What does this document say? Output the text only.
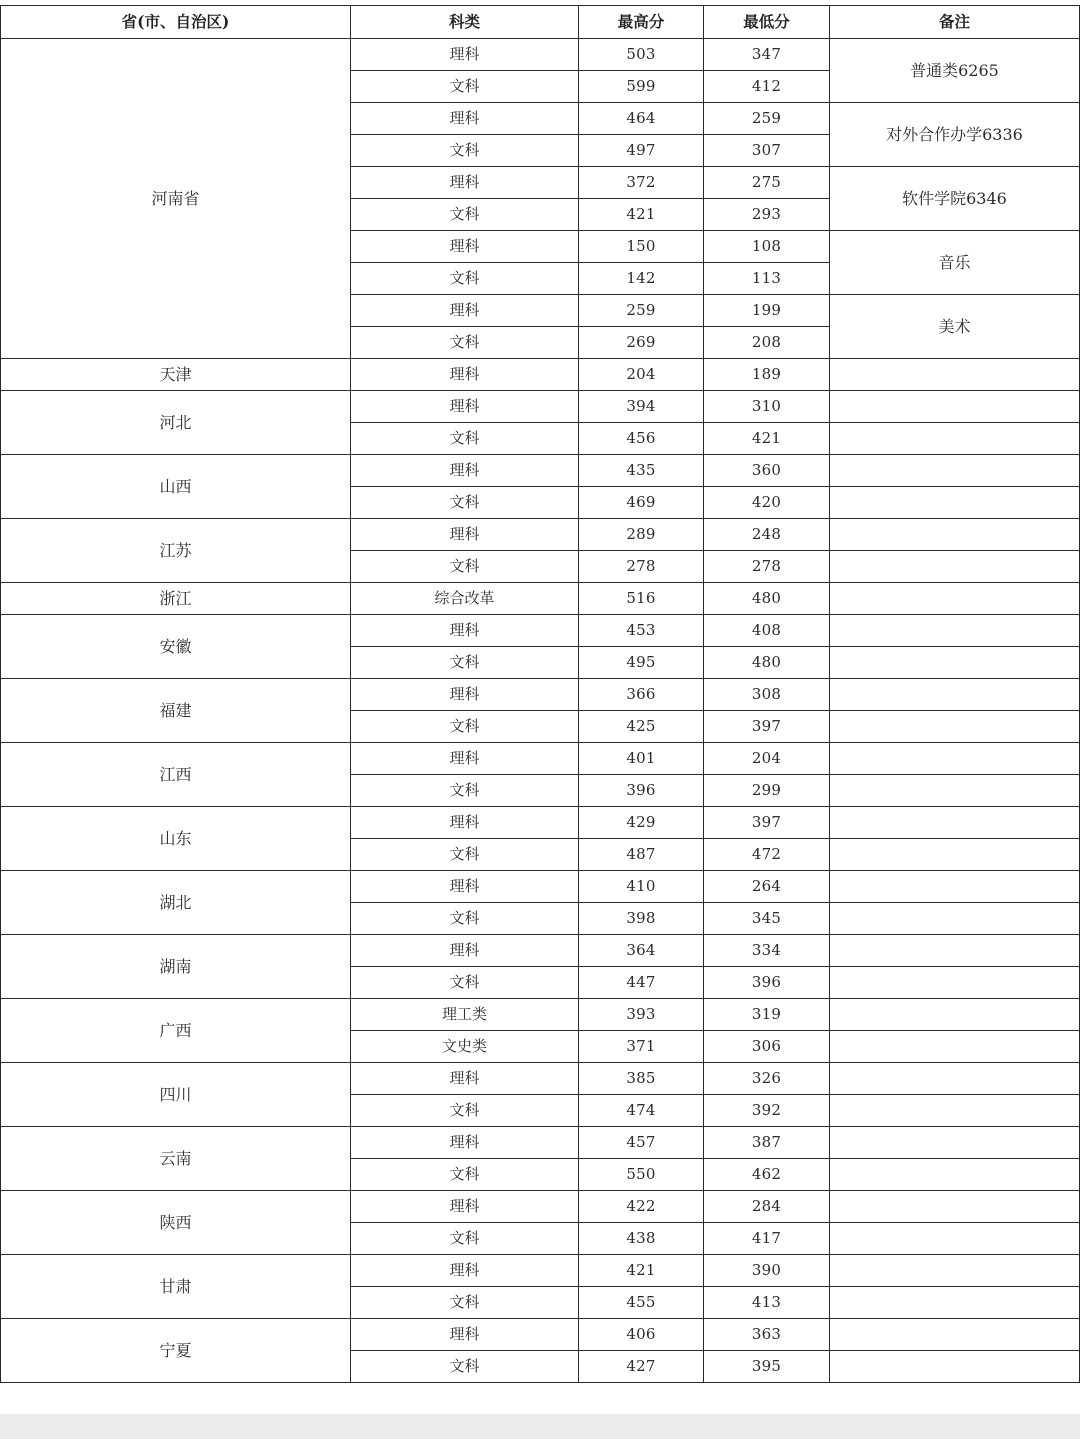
省(市、自治区)	科类	最高分	最低分	备注
河南省	理科	503	347	普通类6265
	文科	599	412	
	理科	464	259	对外合作办学6336
	文科	497	307	
	理科	372	275	软件学院6346
	文科	421	293	
	理科	150	108	音乐
	文科	142	113	
	理科	259	199	美术
	文科	269	208	
天津	理科	204	189	
河北	理科	394	310	
	文科	456	421	
山西	理科	435	360	
	文科	469	420	
江苏	理科	289	248	
	文科	278	278	
浙江	综合改革	516	480	
安徽	理科	453	408	
	文科	495	480	
福建	理科	366	308	
	文科	425	397	
江西	理科	401	204	
	文科	396	299	
山东	理科	429	397	
	文科	487	472	
湖北	理科	410	264	
	文科	398	345	
湖南	理科	364	334	
	文科	447	396	
广西	理工类	393	319	
	文史类	371	306	
四川	理科	385	326	
	文科	474	392	
云南	理科	457	387	
	文科	550	462	
陕西	理科	422	284	
	文科	438	417	
甘肃	理科	421	390	
	文科	455	413	
宁夏	理科	406	363	
	文科	427	395	
